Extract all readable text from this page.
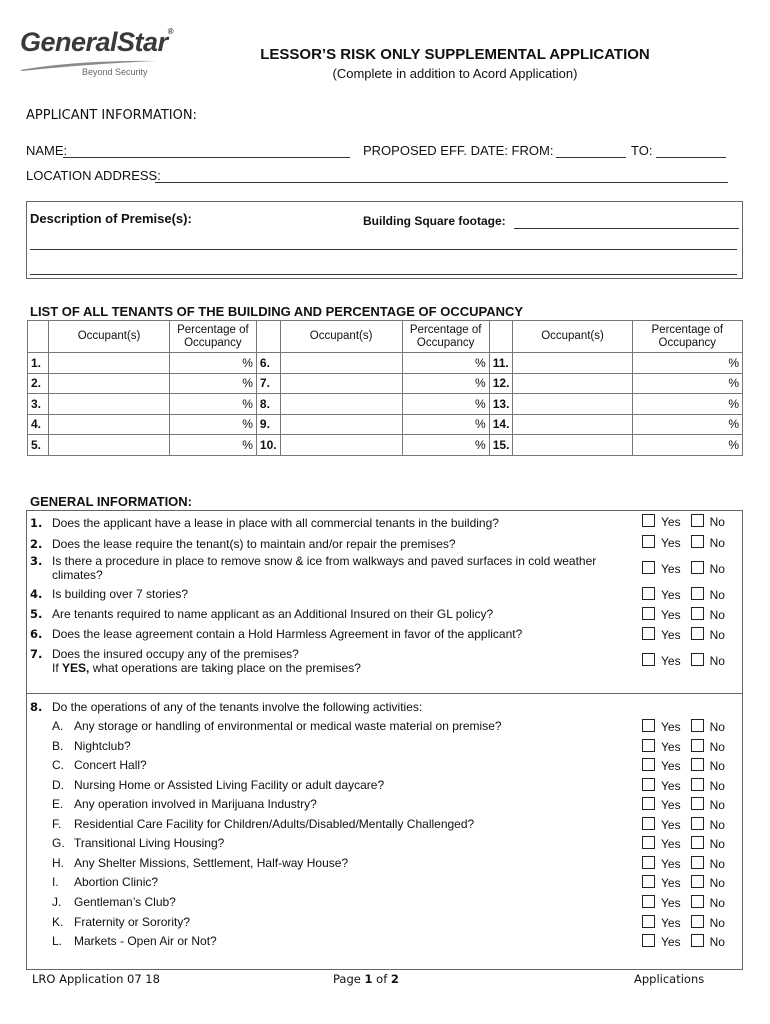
GeneralStar®
Beyond Security
LESSOR’S RISK ONLY SUPPLEMENTAL APPLICATION
(Complete in addition to Acord Application)
APPLICANT INFORMATION:
NAME:	PROPOSED EFF. DATE: FROM:	TO:
LOCATION ADDRESS:
Description of Premise(s):	Building Square footage:
LIST OF ALL TENANTS OF THE BUILDING AND PERCENTAGE OF OCCUPANCY
	Occupant(s)	Percentage of Occupancy		Occupant(s)	Percentage of Occupancy		Occupant(s)	Percentage of Occupancy
1.		%	6.		%	11.		%
2.		%	7.		%	12.		%
3.		%	8.		%	13.		%
4.		%	9.		%	14.		%
5.		%	10.		%	15.		%
GENERAL INFORMATION:
1. Does the applicant have a lease in place with all commercial tenants in the building?	Yes No
2. Does the lease require the tenant(s) to maintain and/or repair the premises?	Yes No
3. Is there a procedure in place to remove snow & ice from walkways and paved surfaces in cold weather climates?	Yes No
4. Is building over 7 stories?	Yes No
5. Are tenants required to name applicant as an Additional Insured on their GL policy?	Yes No
6. Does the lease agreement contain a Hold Harmless Agreement in favor of the applicant?	Yes No
7. Does the insured occupy any of the premises?
If YES, what operations are taking place on the premises?	Yes No
8. Do the operations of any of the tenants involve the following activities:
A. Any storage or handling of environmental or medical waste material on premise?	Yes No
B. Nightclub?	Yes No
C. Concert Hall?	Yes No
D. Nursing Home or Assisted Living Facility or adult daycare?	Yes No
E. Any operation involved in Marijuana Industry?	Yes No
F. Residential Care Facility for Children/Adults/Disabled/Mentally Challenged?	Yes No
G. Transitional Living Housing?	Yes No
H. Any Shelter Missions, Settlement, Half-way House?	Yes No
I. Abortion Clinic?	Yes No
J. Gentleman’s Club?	Yes No
K. Fraternity or Sorority?	Yes No
L. Markets - Open Air or Not?	Yes No
LRO Application 07 18	Page 1 of 2	Applications
